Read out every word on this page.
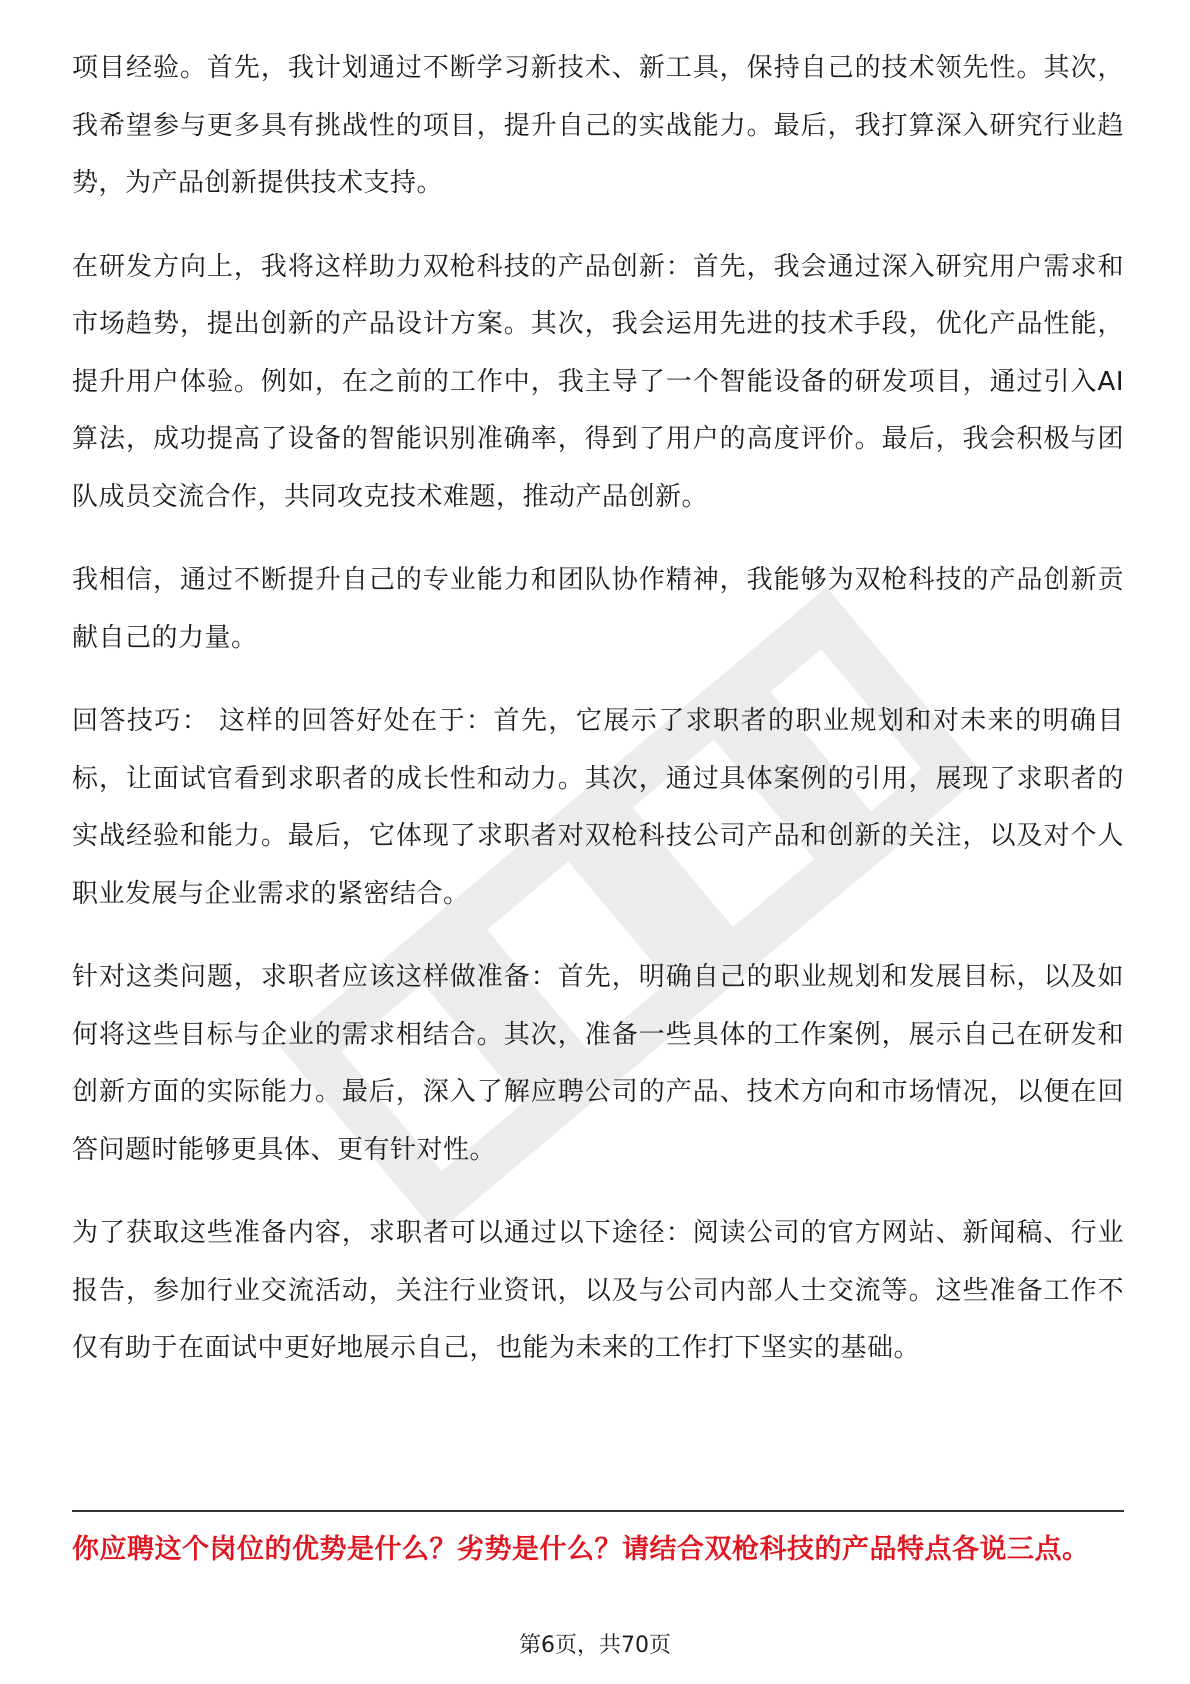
项目经验。首先，我计划通过不断学习新技术、新工具，保持自己的技术领先性。其次，我希望参与更多具有挑战性的项目，提升自己的实战能力。最后，我打算深入研究行业趋势，为产品创新提供技术支持。

在研发方向上，我将这样助力双枪科技的产品创新：首先，我会通过深入研究用户需求和市场趋势，提出创新的产品设计方案。其次，我会运用先进的技术手段，优化产品性能，提升用户体验。例如，在之前的工作中，我主导了一个智能设备的研发项目，通过引入AI算法，成功提高了设备的智能识别准确率，得到了用户的高度评价。最后，我会积极与团队成员交流合作，共同攻克技术难题，推动产品创新。

我相信，通过不断提升自己的专业能力和团队协作精神，我能够为双枪科技的产品创新贡献自己的力量。

回答技巧： 这样的回答好处在于：首先，它展示了求职者的职业规划和对未来的明确目标，让面试官看到求职者的成长性和动力。其次，通过具体案例的引用，展现了求职者的实战经验和能力。最后，它体现了求职者对双枪科技公司产品和创新的关注，以及对个人职业发展与企业需求的紧密结合。

针对这类问题，求职者应该这样做准备：首先，明确自己的职业规划和发展目标，以及如何将这些目标与企业的需求相结合。其次，准备一些具体的工作案例，展示自己在研发和创新方面的实际能力。最后，深入了解应聘公司的产品、技术方向和市场情况，以便在回答问题时能够更具体、更有针对性。

为了获取这些准备内容，求职者可以通过以下途径：阅读公司的官方网站、新闻稿、行业报告，参加行业交流活动，关注行业资讯，以及与公司内部人士交流等。这些准备工作不仅有助于在面试中更好地展示自己，也能为未来的工作打下坚实的基础。

你应聘这个岗位的优势是什么？劣势是什么？请结合双枪科技的产品特点各说三点。
第6页，共70页
